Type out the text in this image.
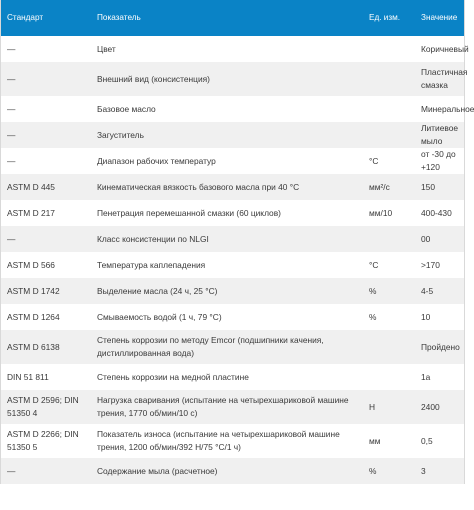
Стандарт	Показатель	Ед. изм.	Значение
—	Цвет		Коричневый
—	Внешний вид (консистенция)		Пластичная смазка
—	Базовое масло		Минеральное
—	Загуститель		Литиевое мыло
—	Диапазон рабочих температур	°C	от -30 до +120
ASTM D 445	Кинематическая вязкость базового масла при 40 °C	мм²/с	150
ASTM D 217	Пенетрация перемешанной смазки (60 циклов)	мм/10	400-430
—	Класс консистенции по NLGI		00
ASTM D 566	Температура каплепадения	°C	>170
ASTM D 1742	Выделение масла (24 ч, 25 °C)	%	4-5
ASTM D 1264	Смываемость водой (1 ч, 79 °C)	%	10
ASTM D 6138	Степень коррозии по методу Emcor (подшипники качения, дистиллированная вода)		Пройдено
DIN 51 811	Степень коррозии на медной пластине		1a
ASTM D 2596; DIN 51350 4	Нагрузка сваривания (испытание на четырехшариковой машине трения, 1770 об/мин/10 с)	Н	2400
ASTM D 2266; DIN 51350 5	Показатель износа (испытание на четырехшариковой машине трения, 1200 об/мин/392 Н/75 °C/1 ч)	мм	0,5
—	Содержание мыла (расчетное)	%	3
